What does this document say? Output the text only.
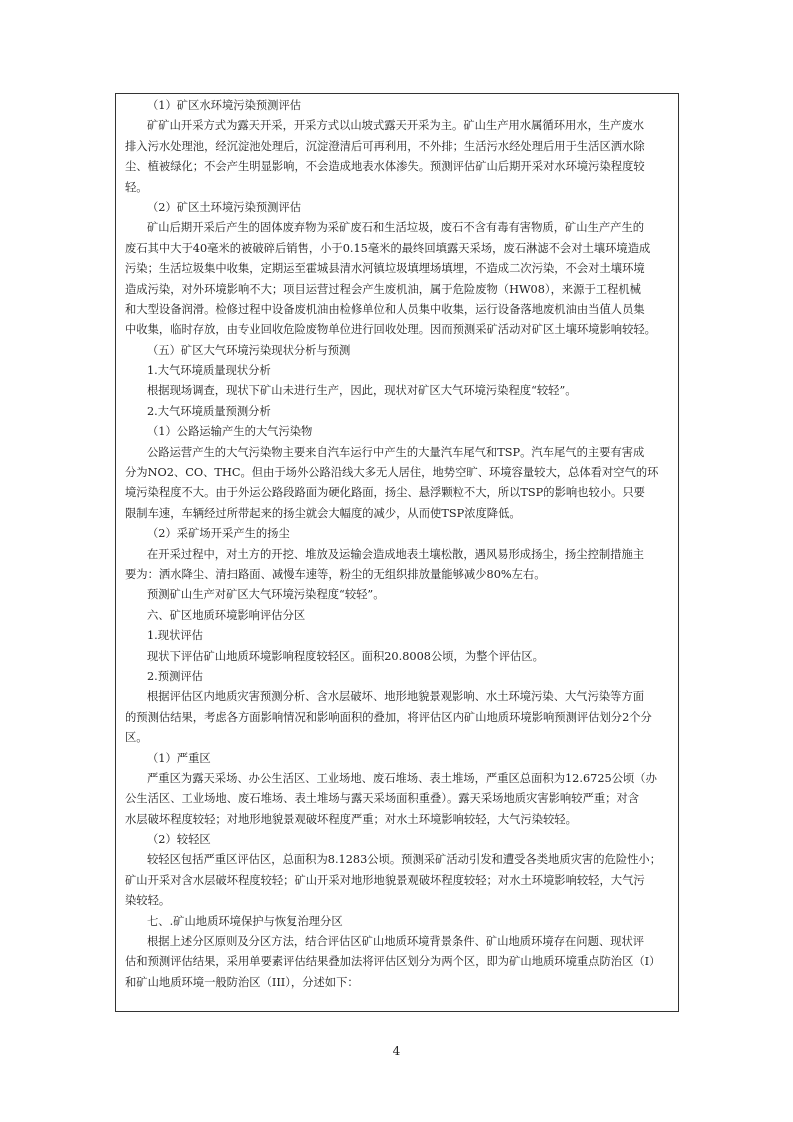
（1）矿区水环境污染预测评估
矿矿山开采方式为露天开采，开采方式以山坡式露天开采为主。矿山生产用水属循环用水，生产废水
排入污水处理池，经沉淀池处理后，沉淀澄清后可再利用，不外排；生活污水经处理后用于生活区洒水除
尘、植被绿化；不会产生明显影响，不会造成地表水体渗失。预测评估矿山后期开采对水环境污染程度较
轻。
（2）矿区土环境污染预测评估
矿山后期开采后产生的固体废弃物为采矿废石和生活垃圾，废石不含有毒有害物质，矿山生产产生的
废石其中大于40毫米的被破碎后销售，小于0.15毫米的最终回填露天采场，废石淋滤不会对土壤环境造成
污染；生活垃圾集中收集，定期运至霍城县清水河镇垃圾填埋场填埋，不造成二次污染，不会对土壤环境
造成污染，对外环境影响不大；项目运营过程会产生废机油，属于危险废物（HW08），来源于工程机械
和大型设备润滑。检修过程中设备废机油由检修单位和人员集中收集，运行设备落地废机油由当值人员集
中收集，临时存放，由专业回收危险废物单位进行回收处理。因而预测采矿活动对矿区土壤环境影响较轻。
（五）矿区大气环境污染现状分析与预测
1.大气环境质量现状分析
根据现场调查，现状下矿山未进行生产，因此，现状对矿区大气环境污染程度“较轻”。
2.大气环境质量预测分析
（1）公路运输产生的大气污染物
公路运营产生的大气污染物主要来自汽车运行中产生的大量汽车尾气和TSP。汽车尾气的主要有害成
分为NO2、CO、THC。但由于场外公路沿线大多无人居住，地势空旷、环境容量较大，总体看对空气的环
境污染程度不大。由于外运公路段路面为硬化路面，扬尘、悬浮颗粒不大，所以TSP的影响也较小。只要
限制车速，车辆经过所带起来的扬尘就会大幅度的减少，从而使TSP浓度降低。
（2）采矿场开采产生的扬尘
在开采过程中，对土方的开挖、堆放及运输会造成地表土壤松散，遇风易形成扬尘，扬尘控制措施主
要为：洒水降尘、清扫路面、减慢车速等，粉尘的无组织排放量能够减少80%左右。
预测矿山生产对矿区大气环境污染程度“较轻”。
六、矿区地质环境影响评估分区
1.现状评估
现状下评估矿山地质环境影响程度较轻区。面积20.8008公顷，为整个评估区。
2.预测评估
根据评估区内地质灾害预测分析、含水层破坏、地形地貌景观影响、水土环境污染、大气污染等方面
的预测估结果，考虑各方面影响情况和影响面积的叠加，将评估区内矿山地质环境影响预测评估划分2个分
区。
（1）严重区
严重区为露天采场、办公生活区、工业场地、废石堆场、表土堆场，严重区总面积为12.6725公顷（办
公生活区、工业场地、废石堆场、表土堆场与露天采场面积重叠）。露天采场地质灾害影响较严重；对含
水层破坏程度较轻；对地形地貌景观破坏程度严重；对水土环境影响较轻，大气污染较轻。
（2）较轻区
较轻区包括严重区评估区，总面积为8.1283公顷。预测采矿活动引发和遭受各类地质灾害的危险性小；
矿山开采对含水层破坏程度较轻；矿山开采对地形地貌景观破坏程度较轻；对水土环境影响较轻，大气污
染较轻。
七、.矿山地质环境保护与恢复治理分区
根据上述分区原则及分区方法，结合评估区矿山地质环境背景条件、矿山地质环境存在问题、现状评
估和预测评估结果，采用单要素评估结果叠加法将评估区划分为两个区，即为矿山地质环境重点防治区（I）
和矿山地质环境一般防治区（III），分述如下：
4
